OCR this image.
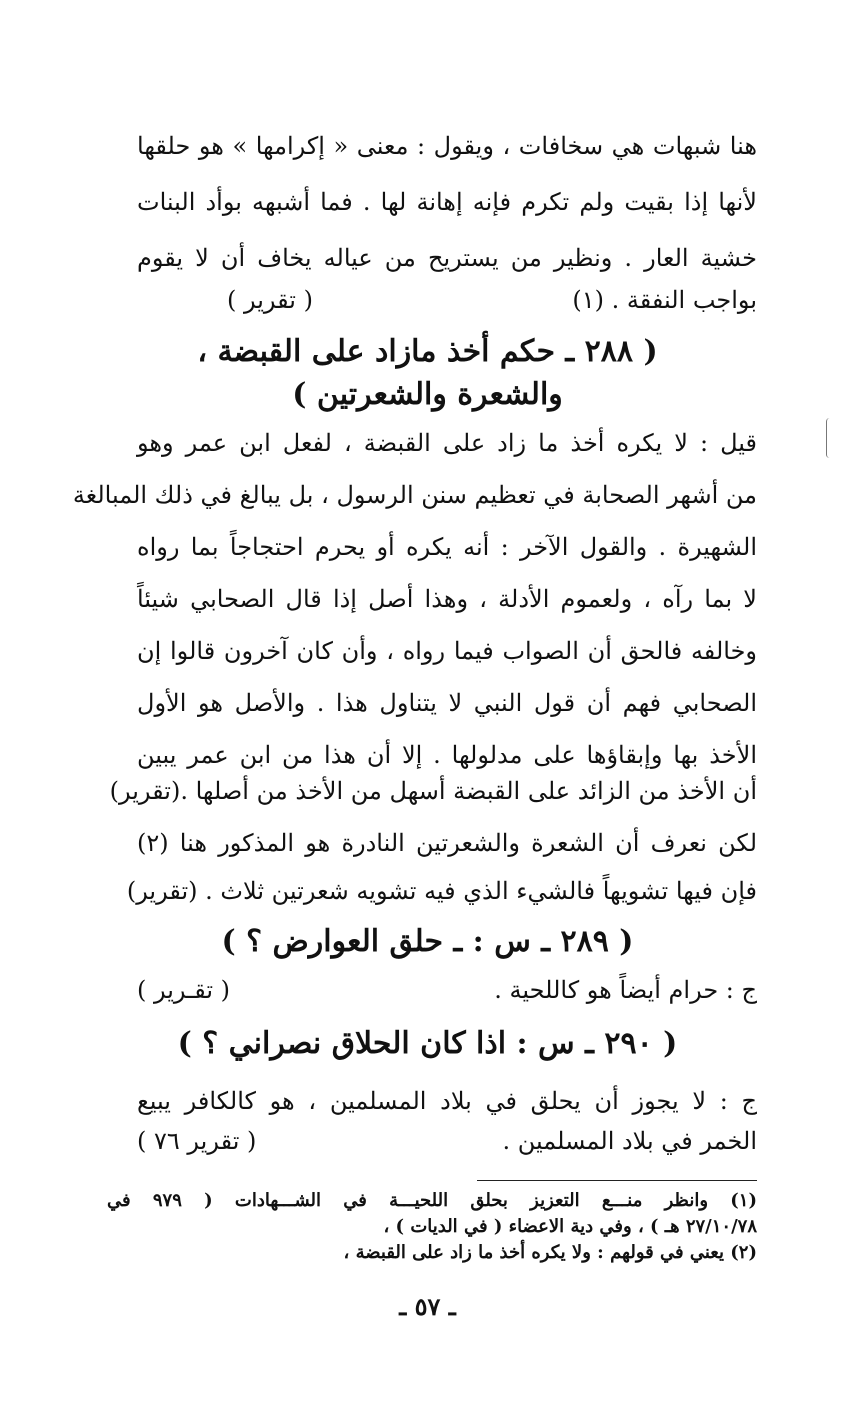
هنا شبهات هي سخافات ، ويقول : معنى « إكرامها » هو حلقها
لأنها إذا بقيت ولم تكرم فإنه إهانة لها . فما أشبهه بوأد البنات
خشية العار . ونظير من يستريح من عياله يخاف أن لا يقوم
بواجب النفقة . (١)
( تقرير )
( ٢٨٨ ـ حكم أخذ مازاد على القبضة ،
والشعرة والشعرتين )
قيل : لا يكره أخذ ما زاد على القبضة ، لفعل ابن عمر وهو
من أشهر الصحابة في تعظيم سنن الرسول ، بل يبالغ في ذلك المبالغة
الشهيرة . والقول الآخر : أنه يكره أو يحرم احتجاجاً بما رواه
لا بما رآه ، ولعموم الأدلة ، وهذا أصل إذا قال الصحابي شيئاً
وخالفه فالحق أن الصواب فيما رواه ، وأن كان آخرون قالوا إن
الصحابي فهم أن قول النبي لا يتناول هذا . والأصل هو الأول
الأخذ بها وإبقاؤها على مدلولها . إلا أن هذا من ابن عمر يبين
أن الأخذ من الزائد على القبضة أسهل من الأخذ من أصلها .(تقرير)
لكن نعرف أن الشعرة والشعرتين النادرة هو المذكور هنا (٢)
فإن فيها تشويهاً فالشيء الذي فيه تشويه شعرتين ثلاث . (تقرير)
( ٢٨٩ ـ س : ـ حلق العوارض ؟ )
ج : حرام أيضاً هو كاللحية .
( تقـرير )
( ٢٩٠ ـ س : اذا كان الحلاق نصراني ؟ )
ج : لا يجوز أن يحلق في بلاد المسلمين ، هو كالكافر يبيع
الخمر في بلاد المسلمين .
( تقرير ٧٦ )
(١) وانظر منـــع التعزيز بحلق اللحيـــة في الشـــهادات ( ٩٧٩ في
٢٧/١٠/٧٨ هـ ) ، وفي دية الاعضاء ( في الديات ) ،
(٢) يعني في قولهم : ولا يكره أخذ ما زاد على القبضة ،
ـ ٥٧ ـ
